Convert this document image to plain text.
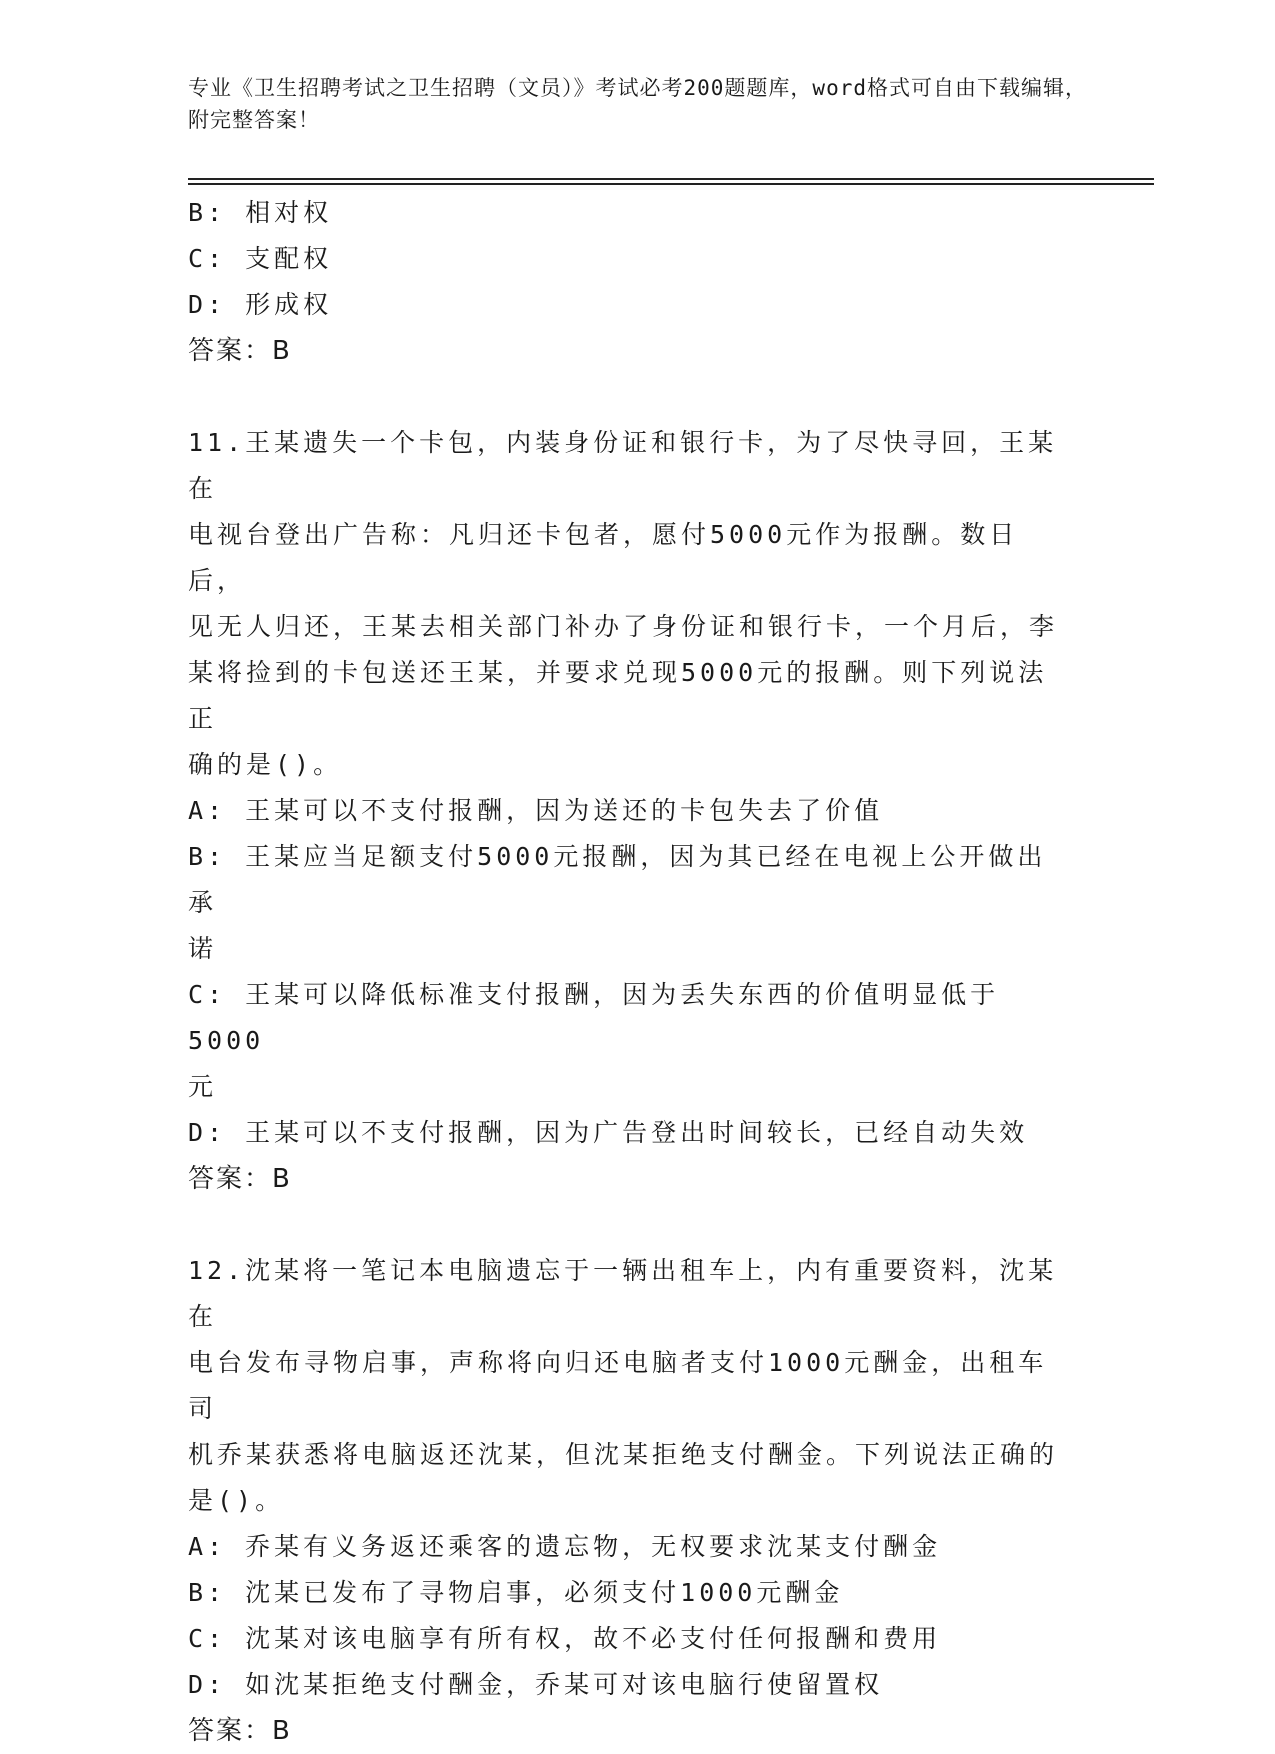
专业《卫生招聘考试之卫生招聘（文员）》考试必考200题题库，word格式可自由下载编辑，附完整答案！
B: 相对权
C: 支配权
D: 形成权
答案：B
11.王某遗失一个卡包，内装身份证和银行卡，为了尽快寻回，王某在
电视台登出广告称：凡归还卡包者，愿付5000元作为报酬。数日后，
见无人归还，王某去相关部门补办了身份证和银行卡，一个月后，李
某将捡到的卡包送还王某，并要求兑现5000元的报酬。则下列说法正
确的是()。
A: 王某可以不支付报酬，因为送还的卡包失去了价值
B: 王某应当足额支付5000元报酬，因为其已经在电视上公开做出承
诺
C: 王某可以降低标准支付报酬，因为丢失东西的价值明显低于5000
元
D: 王某可以不支付报酬，因为广告登出时间较长，已经自动失效
答案：B
12.沈某将一笔记本电脑遗忘于一辆出租车上，内有重要资料，沈某在
电台发布寻物启事，声称将向归还电脑者支付1000元酬金，出租车司
机乔某获悉将电脑返还沈某，但沈某拒绝支付酬金。下列说法正确的
是()。
A: 乔某有义务返还乘客的遗忘物，无权要求沈某支付酬金
B: 沈某已发布了寻物启事，必须支付1000元酬金
C: 沈某对该电脑享有所有权，故不必支付任何报酬和费用
D: 如沈某拒绝支付酬金，乔某可对该电脑行使留置权
答案：B
